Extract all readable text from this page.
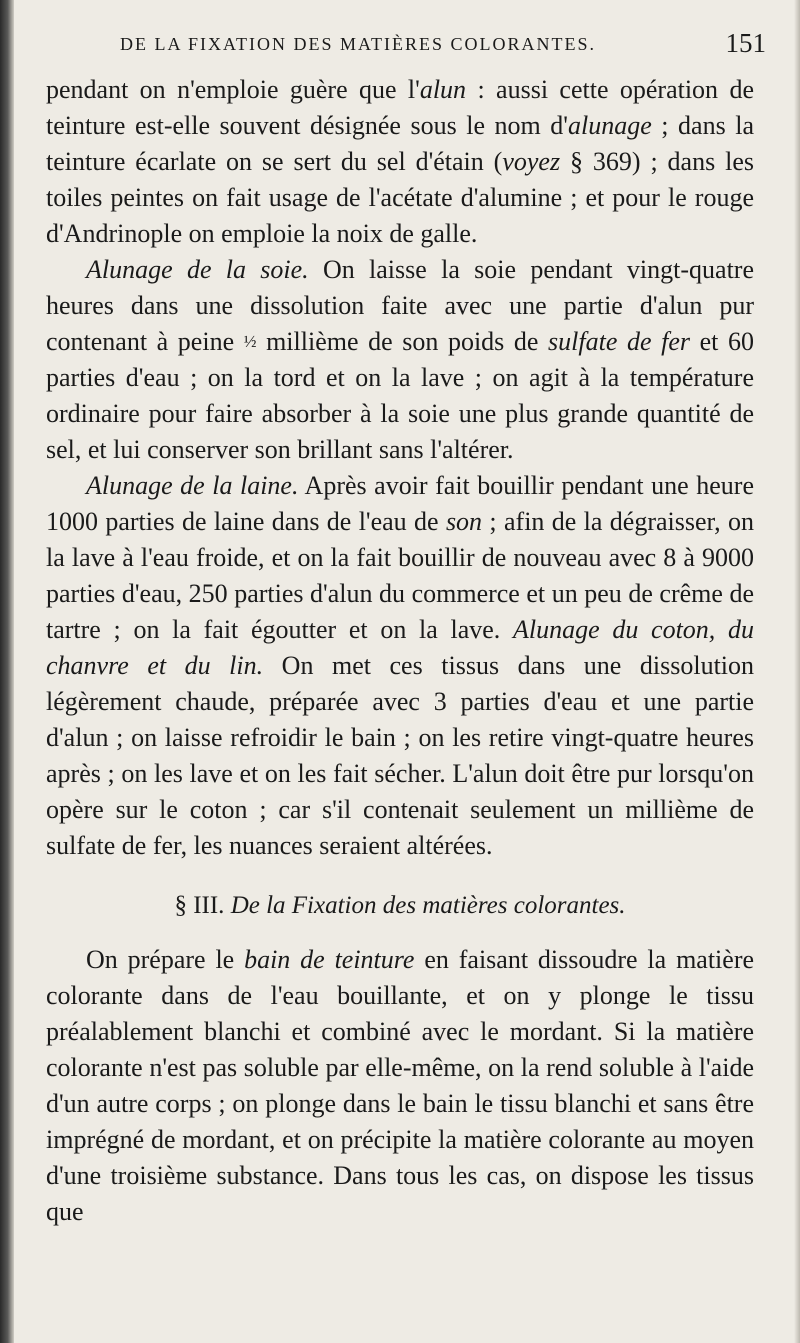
DE LA FIXATION DES MATIÈRES COLORANTES.	151

pendant on n'emploie guère que l'alun : aussi cette opération de teinture est-elle souvent désignée sous le nom d'alunage ; dans la teinture écarlate on se sert du sel d'étain (voyez § 369) ; dans les toiles peintes on fait usage de l'acétate d'alumine ; et pour le rouge d'Andrinople on emploie la noix de galle.

Alunage de la soie. On laisse la soie pendant vingt-quatre heures dans une dissolution faite avec une partie d'alun pur contenant à peine ½ millième de son poids de sulfate de fer et 60 parties d'eau ; on la tord et on la lave ; on agit à la température ordinaire pour faire absorber à la soie une plus grande quantité de sel, et lui conserver son brillant sans l'altérer.

Alunage de la laine. Après avoir fait bouillir pendant une heure 1000 parties de laine dans de l'eau de son ; afin de la dégraisser, on la lave à l'eau froide, et on la fait bouillir de nouveau avec 8 à 9000 parties d'eau, 250 parties d'alun du commerce et un peu de crême de tartre ; on la fait égoutter et on la lave. Alunage du coton, du chanvre et du lin. On met ces tissus dans une dissolution légèrement chaude, préparée avec 3 parties d'eau et une partie d'alun ; on laisse refroidir le bain ; on les retire vingt-quatre heures après ; on les lave et on les fait sécher. L'alun doit être pur lorsqu'on opère sur le coton ; car s'il contenait seulement un millième de sulfate de fer, les nuances seraient altérées.

§ III. De la Fixation des matières colorantes.

On prépare le bain de teinture en faisant dissoudre la matière colorante dans de l'eau bouillante, et on y plonge le tissu préalablement blanchi et combiné avec le mordant. Si la matière colorante n'est pas soluble par elle-même, on la rend soluble à l'aide d'un autre corps ; on plonge dans le bain le tissu blanchi et sans être imprégné de mordant, et on précipite la matière colorante au moyen d'une troisième substance. Dans tous les cas, on dispose les tissus que
